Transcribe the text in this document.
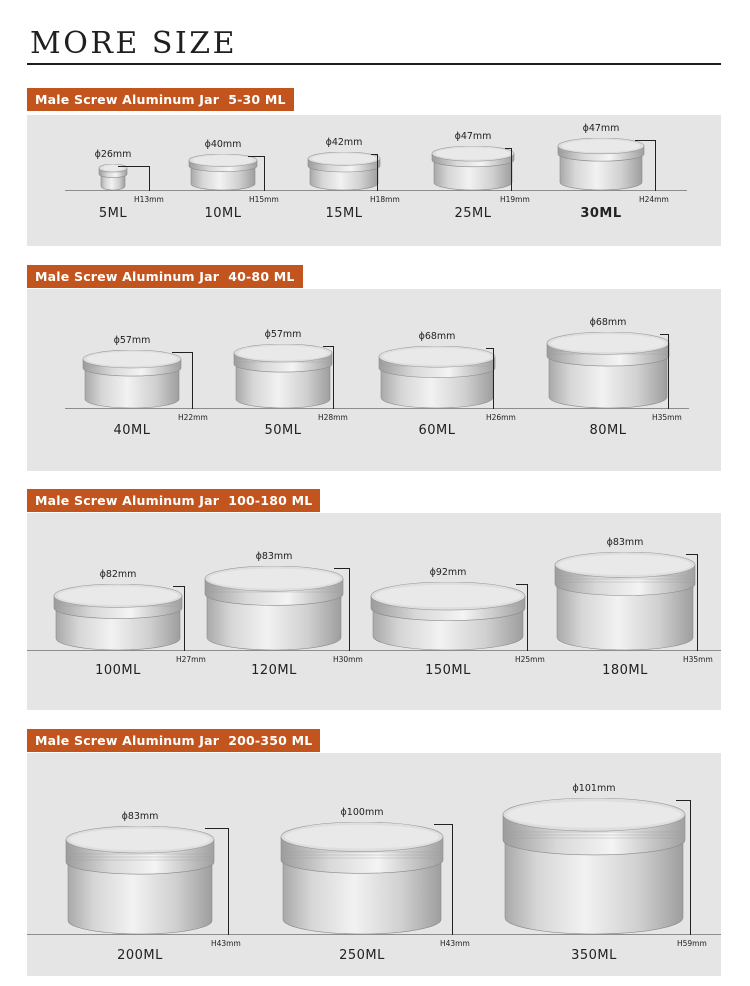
MORE SIZE
Male Screw Aluminum Jar  5-30 ML
ϕ26mm
H13mm
5ML
ϕ40mm
H15mm
10ML
ϕ42mm
H18mm
15ML
ϕ47mm
H19mm
25ML
ϕ47mm
H24mm
30ML
Male Screw Aluminum Jar  40-80 ML
ϕ57mm
H22mm
40ML
ϕ57mm
H28mm
50ML
ϕ68mm
H26mm
60ML
ϕ68mm
H35mm
80ML
Male Screw Aluminum Jar  100-180 ML
ϕ82mm
H27mm
100ML
ϕ83mm
H30mm
120ML
ϕ92mm
H25mm
150ML
ϕ83mm
H35mm
180ML
Male Screw Aluminum Jar  200-350 ML
ϕ83mm
H43mm
200ML
ϕ100mm
H43mm
250ML
ϕ101mm
H59mm
350ML
